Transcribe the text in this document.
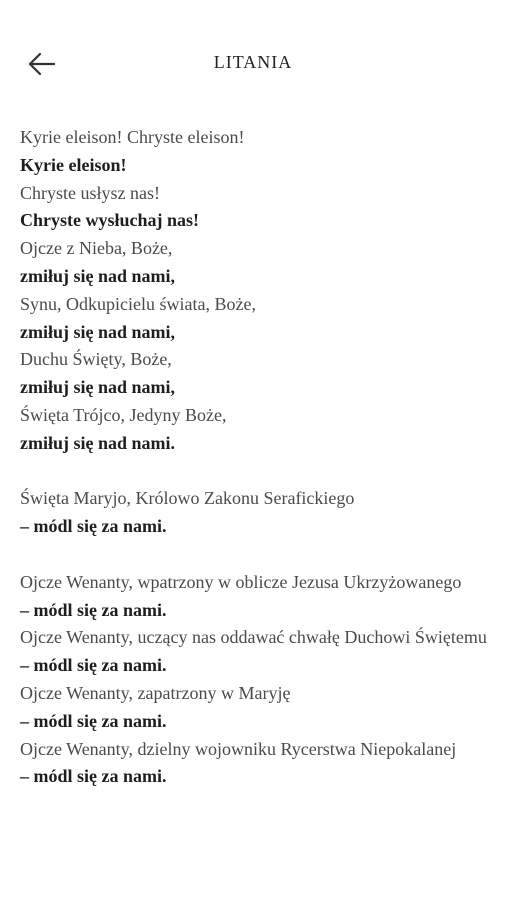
LITANIA
Kyrie eleison! Chryste eleison!
Kyrie eleison!
Chryste usłysz nas!
Chryste wysłuchaj nas!
Ojcze z Nieba, Boże,
zmiłuj się nad nami,
Synu, Odkupicielu świata, Boże,
zmiłuj się nad nami,
Duchu Święty, Boże,
zmiłuj się nad nami,
Święta Trójco, Jedyny Boże,
zmiłuj się nad nami.
Święta Maryjo, Królowo Zakonu Serafickiego
– módl się za nami.
Ojcze Wenanty, wpatrzony w oblicze Jezusa Ukrzyżowanego
– módl się za nami.
Ojcze Wenanty, uczący nas oddawać chwałę Duchowi Świętemu
– módl się za nami.
Ojcze Wenanty, zapatrzony w Maryję
– módl się za nami.
Ojcze Wenanty, dzielny wojowniku Rycerstwa Niepokalanej
– módl się za nami.
